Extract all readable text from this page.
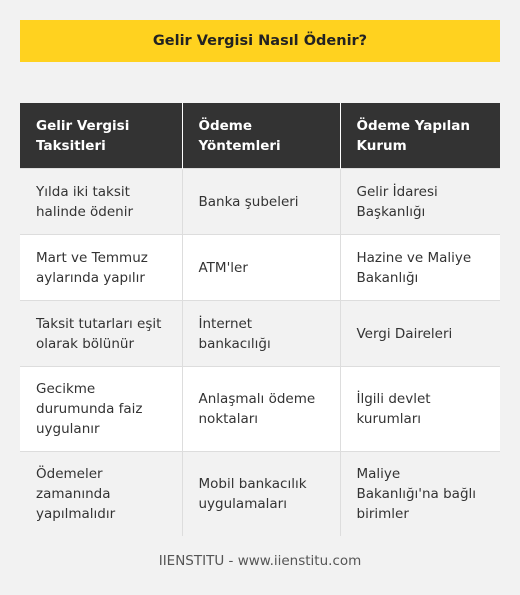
Gelir Vergisi Nasıl Ödenir?
Gelir Vergisi Taksitleri	Ödeme Yöntemleri	Ödeme Yapılan Kurum
Yılda iki taksit halinde ödenir	Banka şubeleri	Gelir İdaresi Başkanlığı
Mart ve Temmuz aylarında yapılır	ATM'ler	Hazine ve Maliye Bakanlığı
Taksit tutarları eşit olarak bölünür	İnternet bankacılığı	Vergi Daireleri
Gecikme durumunda faiz uygulanır	Anlaşmalı ödeme noktaları	İlgili devlet kurumları
Ödemeler zamanında yapılmalıdır	Mobil bankacılık uygulamaları	Maliye Bakanlığı'na bağlı birimler
IIENSTITU - www.iienstitu.com
